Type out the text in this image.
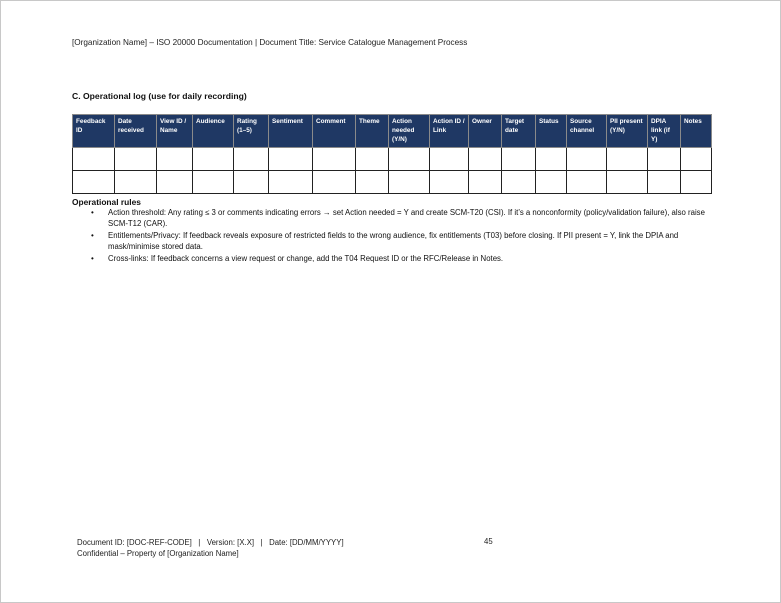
[Organization Name] – ISO 20000 Documentation | Document Title: Service Catalogue Management Process
C. Operational log (use for daily recording)
Feedback ID	Date received	View ID / Name	Audience	Rating (1–5)	Sentiment	Comment	Theme	Action needed (Y/N)	Action ID / Link	Owner	Target date	Status	Source channel	PII present (Y/N)	DPIA link (if Y)	Notes

Operational rules
• Action threshold: Any rating ≤ 3 or comments indicating errors → set Action needed = Y and create SCM-T20 (CSI). If it’s a nonconformity (policy/validation failure), also raise SCM-T12 (CAR).
• Entitlements/Privacy: If feedback reveals exposure of restricted fields to the wrong audience, fix entitlements (T03) before closing. If PII present = Y, link the DPIA and mask/minimise stored data.
• Cross-links: If feedback concerns a view request or change, add the T04 Request ID or the RFC/Release in Notes.
Document ID: [DOC-REF-CODE]   |   Version: [X.X]   |   Date: [DD/MM/YYYY]
Confidential – Property of [Organization Name]
45
